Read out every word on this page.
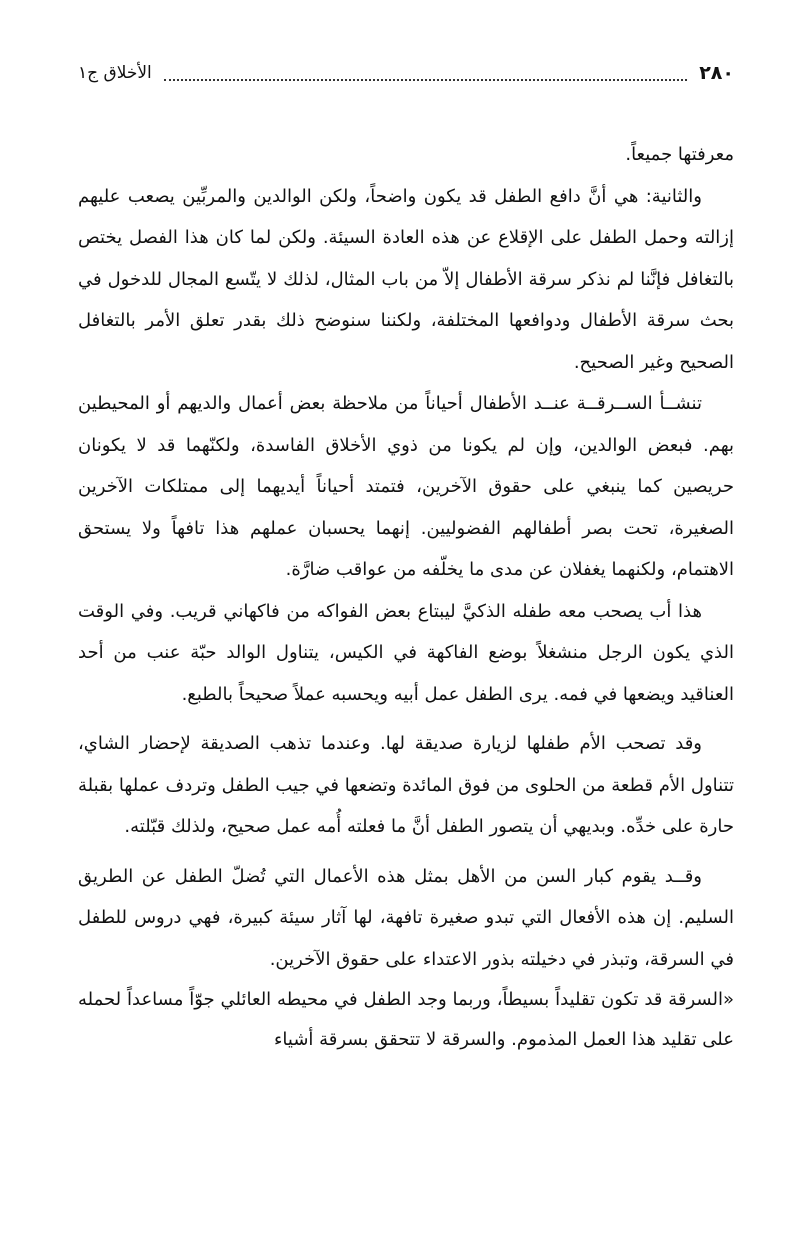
٢٨٠
الأخلاق ج١

معرفتها جميعاً.

والثانية: هي أنَّ دافع الطفل قد يكون واضحاً، ولكن الوالدين والمربِّين يصعب عليهم إزالته وحمل الطفل على الإقلاع عن هذه العادة السيئة. ولكن لما كان هذا الفصل يختص بالتغافل فإنَّنا لم نذكر سرقة الأطفال إلاّ من باب المثال، لذلك لا يتّسع المجال للدخول في بحث سرقة الأطفال ودوافعها المختلفة، ولكننا سنوضح ذلك بقدر تعلق الأمر بالتغافل الصحيح وغير الصحيح.

تنشــأ الســرقــة عنــد الأطفال أحياناً من ملاحظة بعض أعمال والديهم أو المحيطين بهم. فبعض الوالدين، وإن لم يكونا من ذوي الأخلاق الفاسدة، ولكنّهما قد لا يكونان حريصين كما ينبغي على حقوق الآخرين، فتمتد أحياناً أيديهما إلى ممتلكات الآخرين الصغيرة، تحت بصر أطفالهم الفضوليين. إنهما يحسبان عملهم هذا تافهاً ولا يستحق الاهتمام، ولكنهما يغفلان عن مدى ما يخلّفه من عواقب ضارَّة.

هذا أب يصحب معه طفله الذكيَّ ليبتاع بعض الفواكه من فاكهاني قريب. وفي الوقت الذي يكون الرجل منشغلاً بوضع الفاكهة في الكيس، يتناول الوالد حبّة عنب من أحد العناقيد ويضعها في فمه. يرى الطفل عمل أبيه ويحسبه عملاً صحيحاً بالطبع.

وقد تصحب الأم طفلها لزيارة صديقة لها. وعندما تذهب الصديقة لإحضار الشاي، تتناول الأم قطعة من الحلوى من فوق المائدة وتضعها في جيب الطفل وتردف عملها بقبلة حارة على خدِّه. وبديهي أن يتصور الطفل أنَّ ما فعلته أُمه عمل صحيح، ولذلك قبّلته.

وقــد يقوم كبار السن من الأهل بمثل هذه الأعمال التي تُضلّ الطفل عن الطريق السليم. إن هذه الأفعال التي تبدو صغيرة تافهة، لها آثار سيئة كبيرة، فهي دروس للطفل في السرقة، وتبذر في دخيلته بذور الاعتداء على حقوق الآخرين.

«السرقة قد تكون تقليداً بسيطاً، وربما وجد الطفل في محيطه العائلي جوّاً مساعداً لحمله على تقليد هذا العمل المذموم. والسرقة لا تتحقق بسرقة أشياء
